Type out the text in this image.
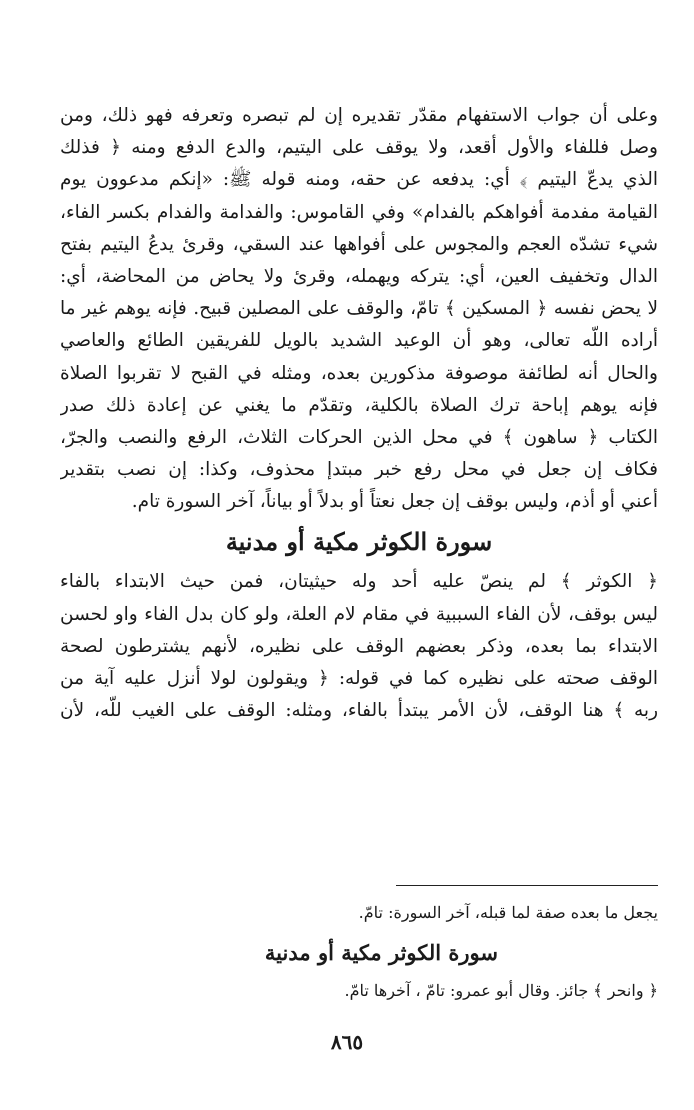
وعلى أن جواب الاستفهام مقدّر تقديره إن لم تبصره وتعرفه فهو ذلك، ومن
وصل فللفاء والأول أقعد، ولا يوقف على اليتيم، والدع الدفع ومنه ﴿ فذلك
الذي يدعّ اليتيم ﴾ أي: يدفعه عن حقه، ومنه قوله ﷺ: «إنكم مدعوون يوم
القيامة مفدمة أفواهكم بالفدام» وفي القاموس: والفدامة والفدام بكسر الفاء،
شيء تشدّه العجم والمجوس على أفواهها عند السقي، وقرئ يدعُ اليتيم بفتح
الدال وتخفيف العين، أي: يتركه ويهمله، وقرئ ولا يحاض من المحاضة، أي:
لا يحض نفسه ﴿ المسكين ﴾ تامّ، والوقف على المصلين قبيح. فإنه يوهم غير ما
أراده اللّه تعالى، وهو أن الوعيد الشديد بالويل للفريقين الطائع والعاصي
والحال أنه لطائفة موصوفة مذكورين بعده، ومثله في القبح لا تقربوا الصلاة
فإنه يوهم إباحة ترك الصلاة بالكلية، وتقدّم ما يغني عن إعادة ذلك صدر
الكتاب ﴿ ساهون ﴾ في محل الذين الحركات الثلاث، الرفع والنصب والجرّ،
فكاف إن جعل في محل رفع خبر مبتدإ محذوف، وكذا: إن نصب بتقدير
أعني أو أذم، وليس بوقف إن جعل نعتاً أو بدلاً أو بياناً، آخر السورة تام.
سورة الكوثر مكية أو مدنية
﴿ الكوثر ﴾ لم ينصّ عليه أحد وله حيثيتان، فمن حيث الابتداء بالفاء
ليس بوقف، لأن الفاء السببية في مقام لام العلة، ولو كان بدل الفاء واو لحسن
الابتداء بما بعده، وذكر بعضهم الوقف على نظيره، لأنهم يشترطون لصحة
الوقف صحته على نظيره كما في قوله: ﴿ ويقولون لولا أنزل عليه آية من
ربه ﴾ هنا الوقف، لأن الأمر يبتدأ بالفاء، ومثله: الوقف على الغيب للّه، لأن
يجعل ما بعده صفة لما قبله، آخر السورة: تامّ.
سورة الكوثر مكية أو مدنية
﴿ وانحر ﴾ جائز. وقال أبو عمرو: تامّ ، آخرها تامّ.
٨٦٥
